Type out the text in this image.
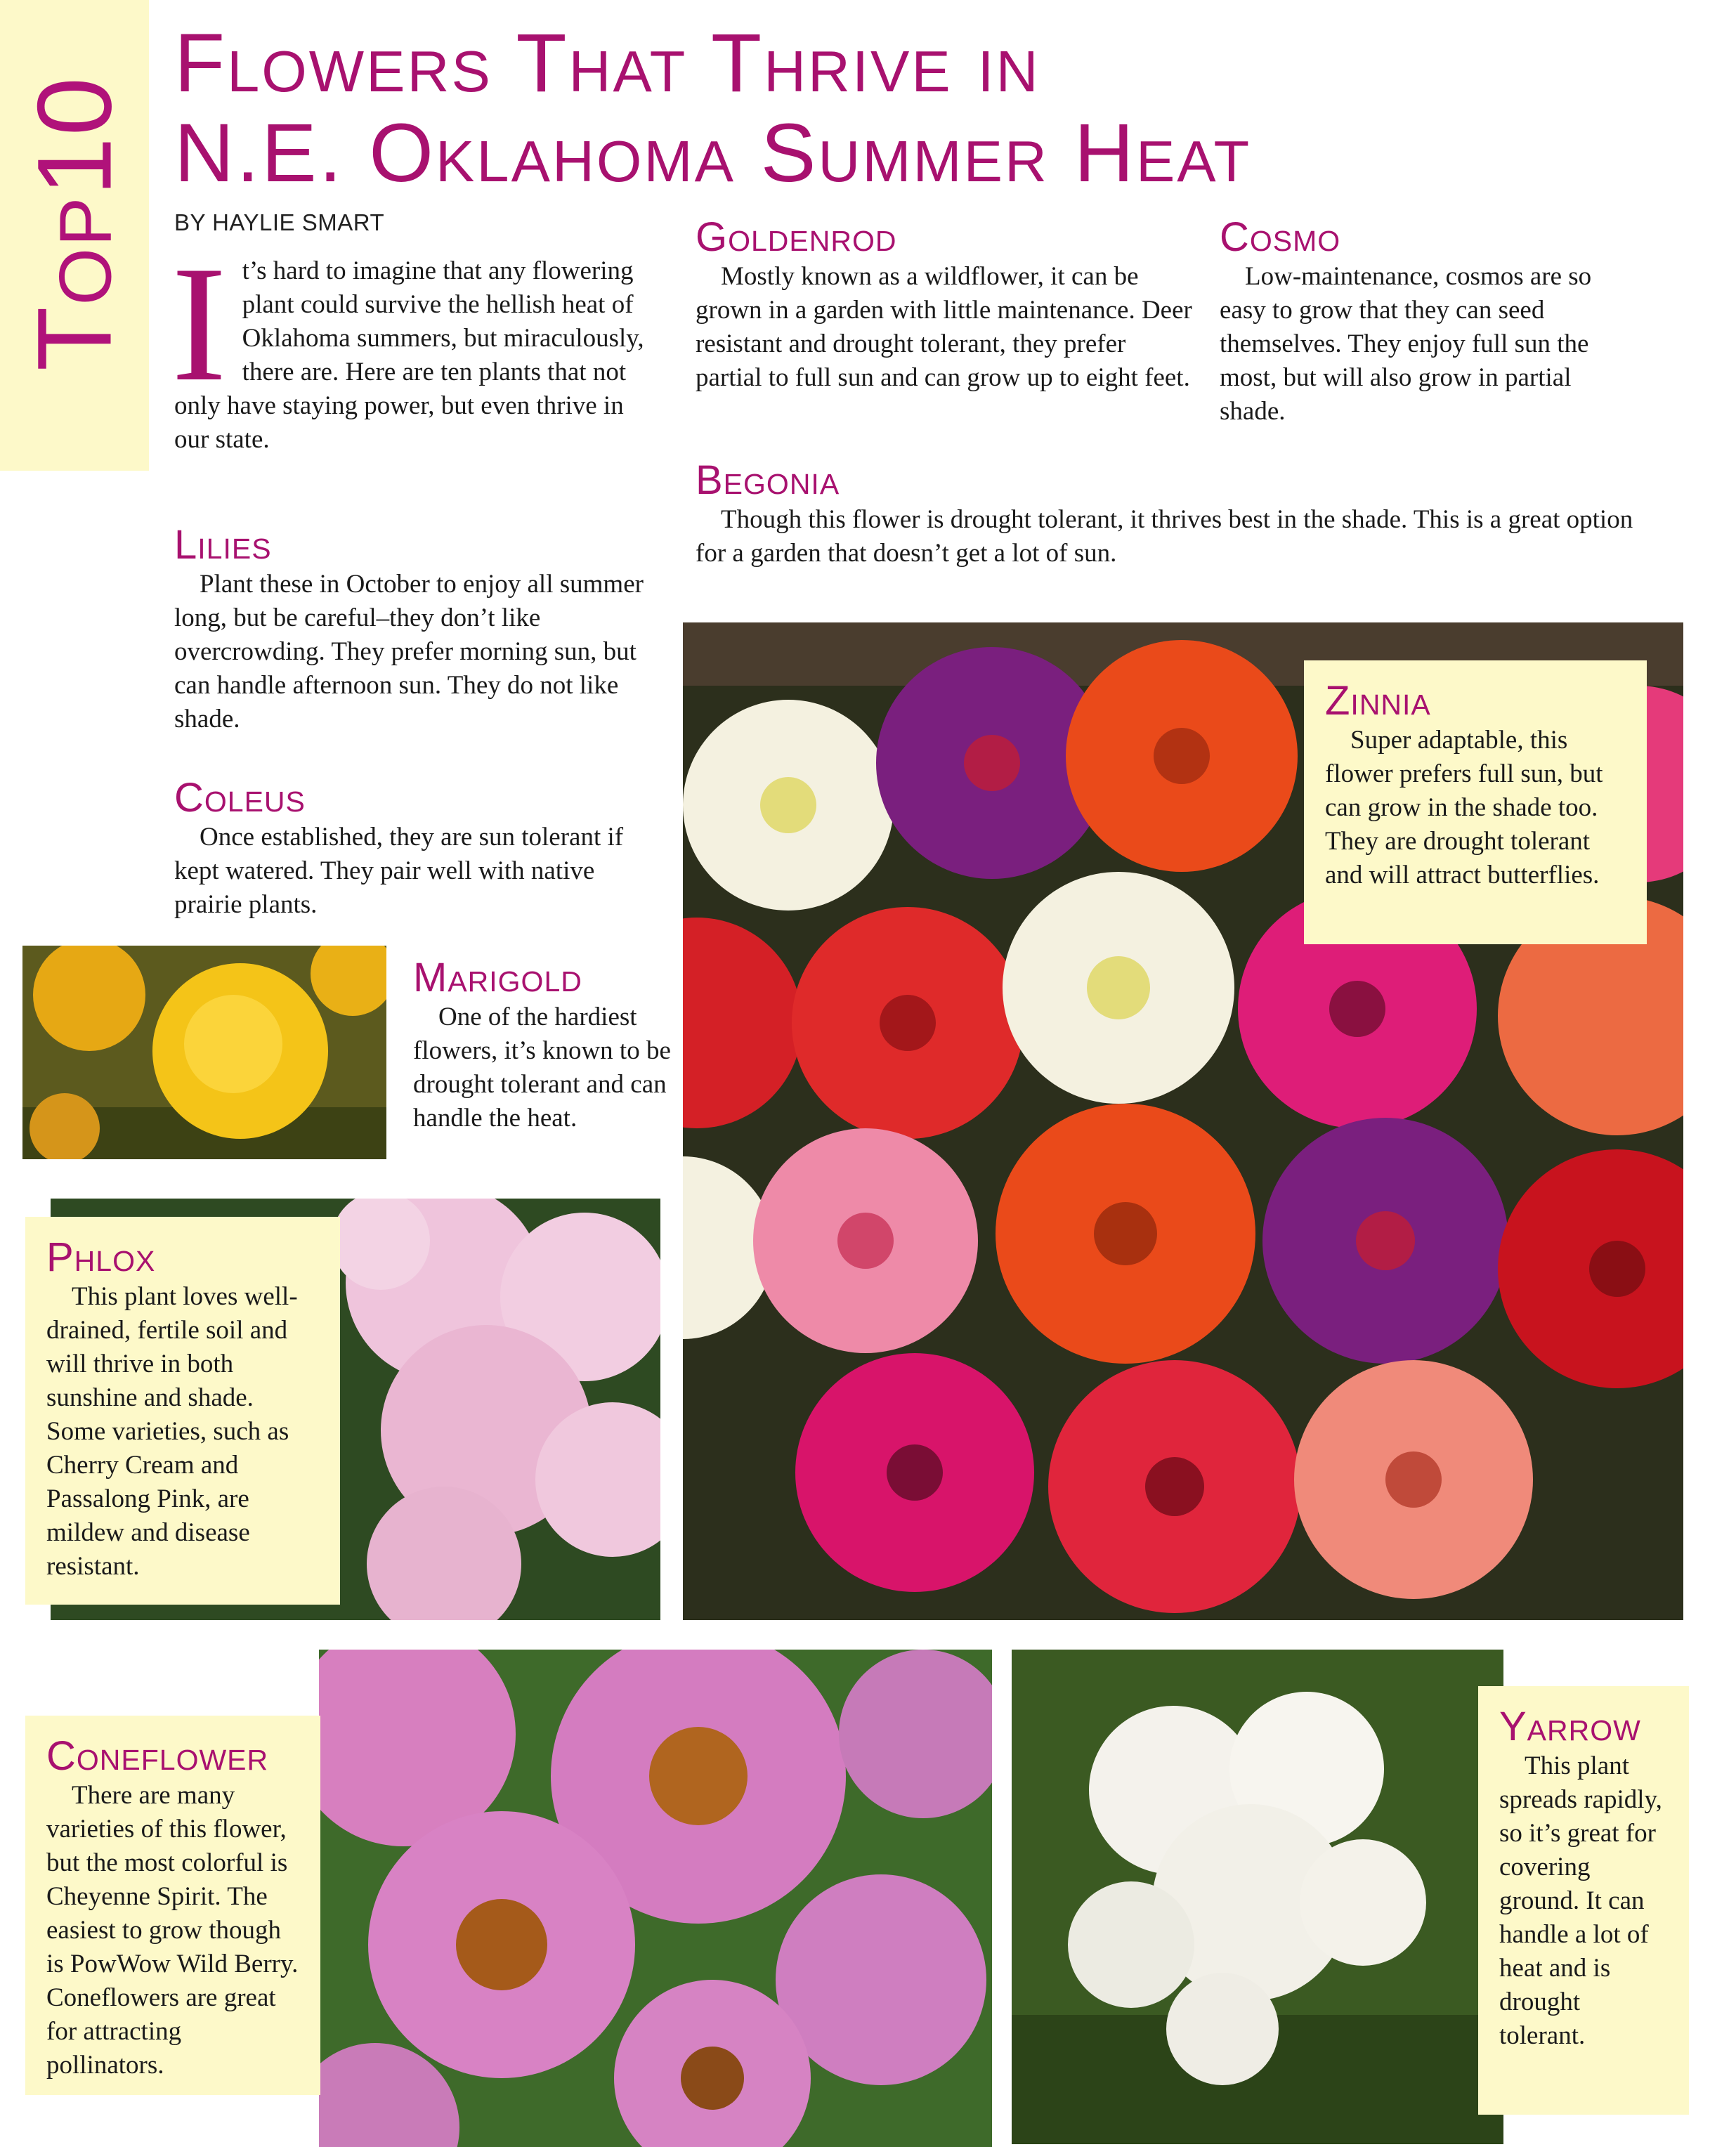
Top10
Flowers That Thrive in
N.E. Oklahoma Summer Heat
BY HAYLIE SMART
I t’s hard to imagine that any flowering plant could survive the hellish heat of Oklahoma summers, but miraculously, there are. Here are ten plants that not only have staying power, but even thrive in our state.
Lilies
Plant these in October to enjoy all summer long, but be careful–they don’t like overcrowding. They prefer morning sun, but can handle afternoon sun. They do not like shade.
Coleus
Once established, they are sun tolerant if kept watered. They pair well with native prairie plants.
Goldenrod
Mostly known as a wildflower, it can be grown in a garden with little maintenance. Deer resistant and drought tolerant, they prefer partial to full sun and can grow up to eight feet.
Cosmo
Low-maintenance, cosmos are so easy to grow that they can seed themselves. They enjoy full sun the most, but will also grow in partial shade.
Begonia
Though this flower is drought tolerant, it thrives best in the shade. This is a great option for a garden that doesn’t get a lot of sun.
Zinnia
Super adaptable, this flower prefers full sun, but can grow in the shade too. They are drought tolerant and will attract butterflies.
Marigold
One of the hardiest flowers, it’s known to be drought tolerant and can handle the heat.
Phlox
This plant loves well-drained, fertile soil and will thrive in both sunshine and shade. Some varieties, such as Cherry Cream and Passalong Pink, are mildew and disease resistant.
Coneflower
There are many varieties of this flower, but the most colorful is Cheyenne Spirit. The easiest to grow though is PowWow Wild Berry. Coneflowers are great for attracting pollinators.
Yarrow
This plant spreads rapidly, so it’s great for covering ground. It can handle a lot of heat and is drought tolerant.
